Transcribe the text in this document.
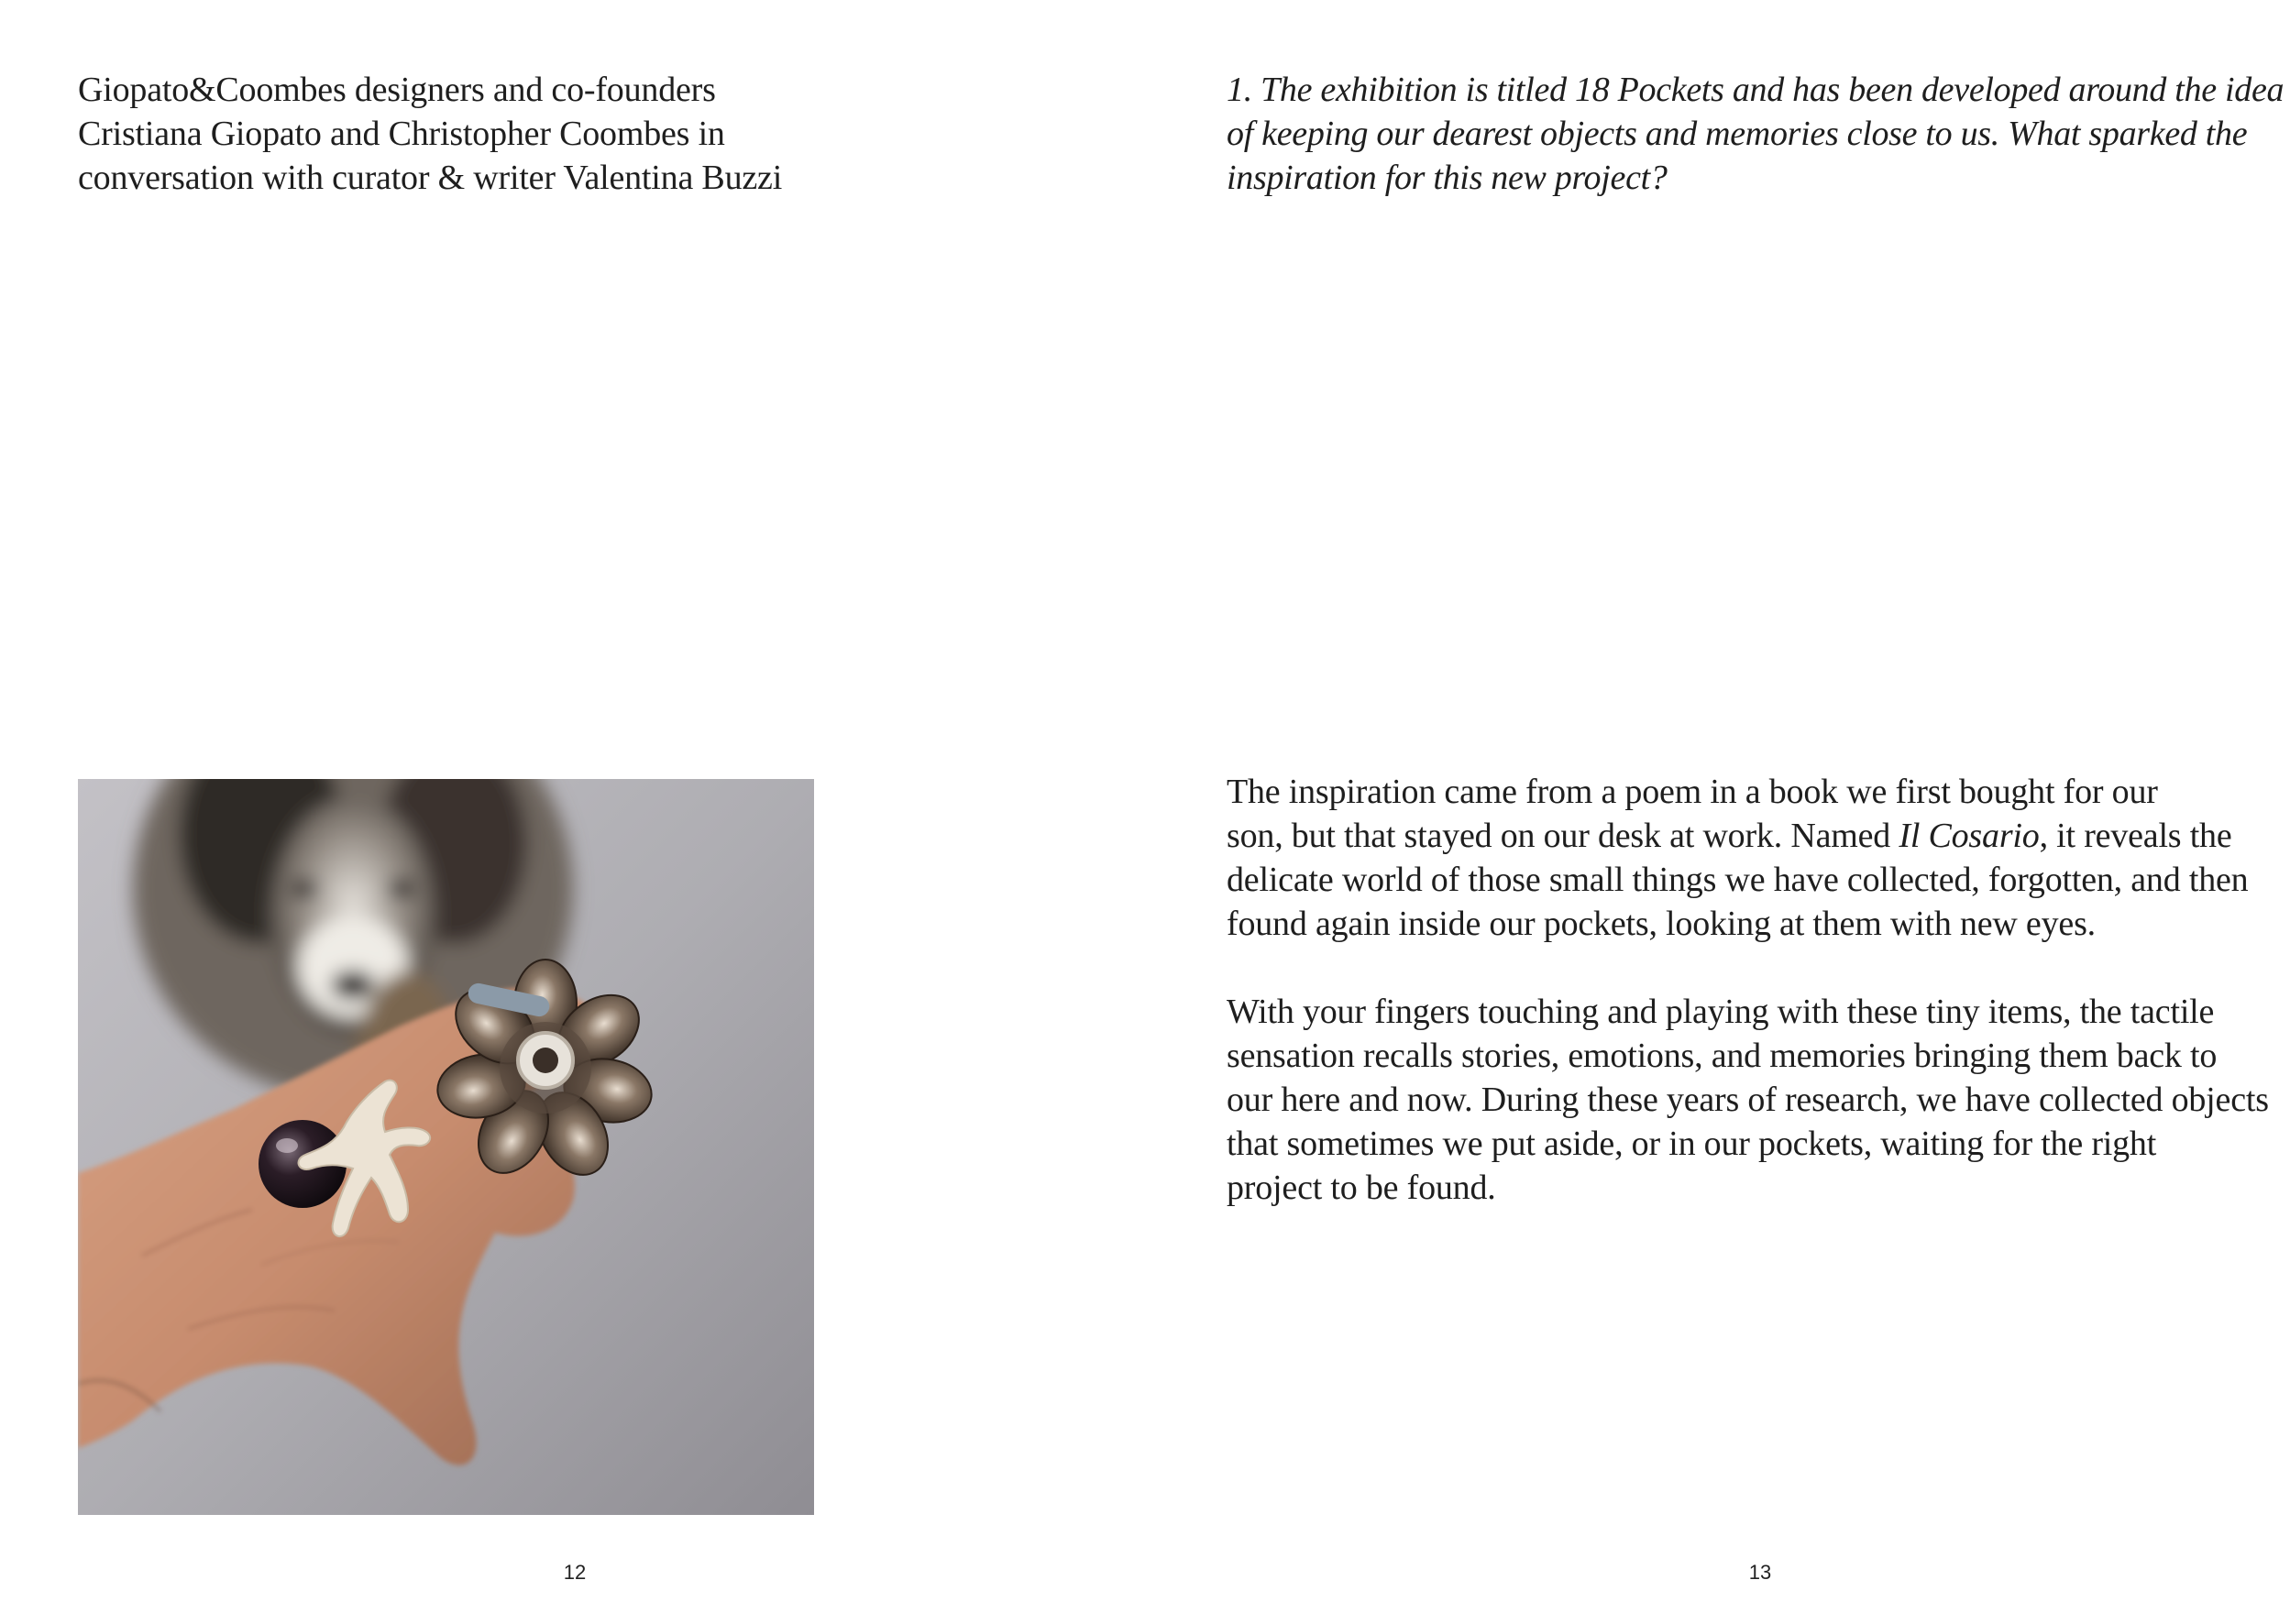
Giopato&Coombes designers and co-founders
Cristiana Giopato and Christopher Coombes in
conversation with curator & writer Valentina Buzzi
12
1. The exhibition is titled 18 Pockets and has been developed around the idea
of keeping our dearest objects and memories close to us. What sparked the
inspiration for this new project?

The inspiration came from a poem in a book we first bought for our
son, but that stayed on our desk at work. Named Il Cosario, it reveals the
delicate world of those small things we have collected, forgotten, and then
found again inside our pockets, looking at them with new eyes.

With your fingers touching and playing with these tiny items, the tactile
sensation recalls stories, emotions, and memories bringing them back to
our here and now. During these years of research, we have collected objects
that sometimes we put aside, or in our pockets, waiting for the right
project to be found.

13
